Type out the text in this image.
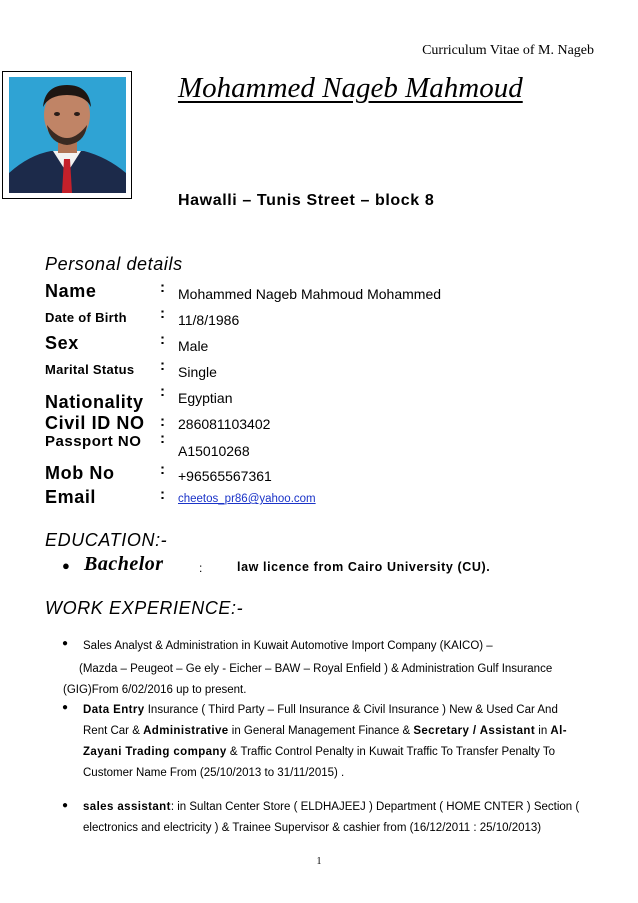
Curriculum Vitae of M. Nageb
Mohammed Nageb Mahmoud
Hawalli – Tunis Street – block 8
Personal details
Name	: Mohammed Nageb Mahmoud Mohammed
Date of Birth : 11/8/1986
Sex	: Male
Marital Status : Single
Nationality
: Egyptian
Civil ID NO : 286081103402
Passport NO :
A15010268
Mob No	: +96565567361
Email	: cheetos_pr86@yahoo.com
EDUCATION:-
● Bachelor	:	law licence from Cairo University (CU).
WORK EXPERIENCE:-
● Sales Analyst & Administration in Kuwait Automotive Import Company (KAICO) –
(Mazda – Peugeot – Ge ely - Eicher – BAW – Royal Enfield ) & Administration Gulf Insurance
(GIG)From 6/02/2016 up to present.
● Data Entry Insurance ( Third Party – Full Insurance & Civil Insurance ) New & Used Car And
Rent Car & Administrative in General Management Finance & Secretary / Assistant in Al-
Zayani Trading company & Traffic Control Penalty in Kuwait Traffic To Transfer Penalty To
Customer Name From (25/10/2013 to 31/11/2015) .
● sales assistant: in Sultan Center Store ( ELDHAJEEJ ) Department ( HOME CNTER ) Section (
electronics and electricity ) & Trainee Supervisor & cashier from (16/12/2011 : 25/10/2013)
1
